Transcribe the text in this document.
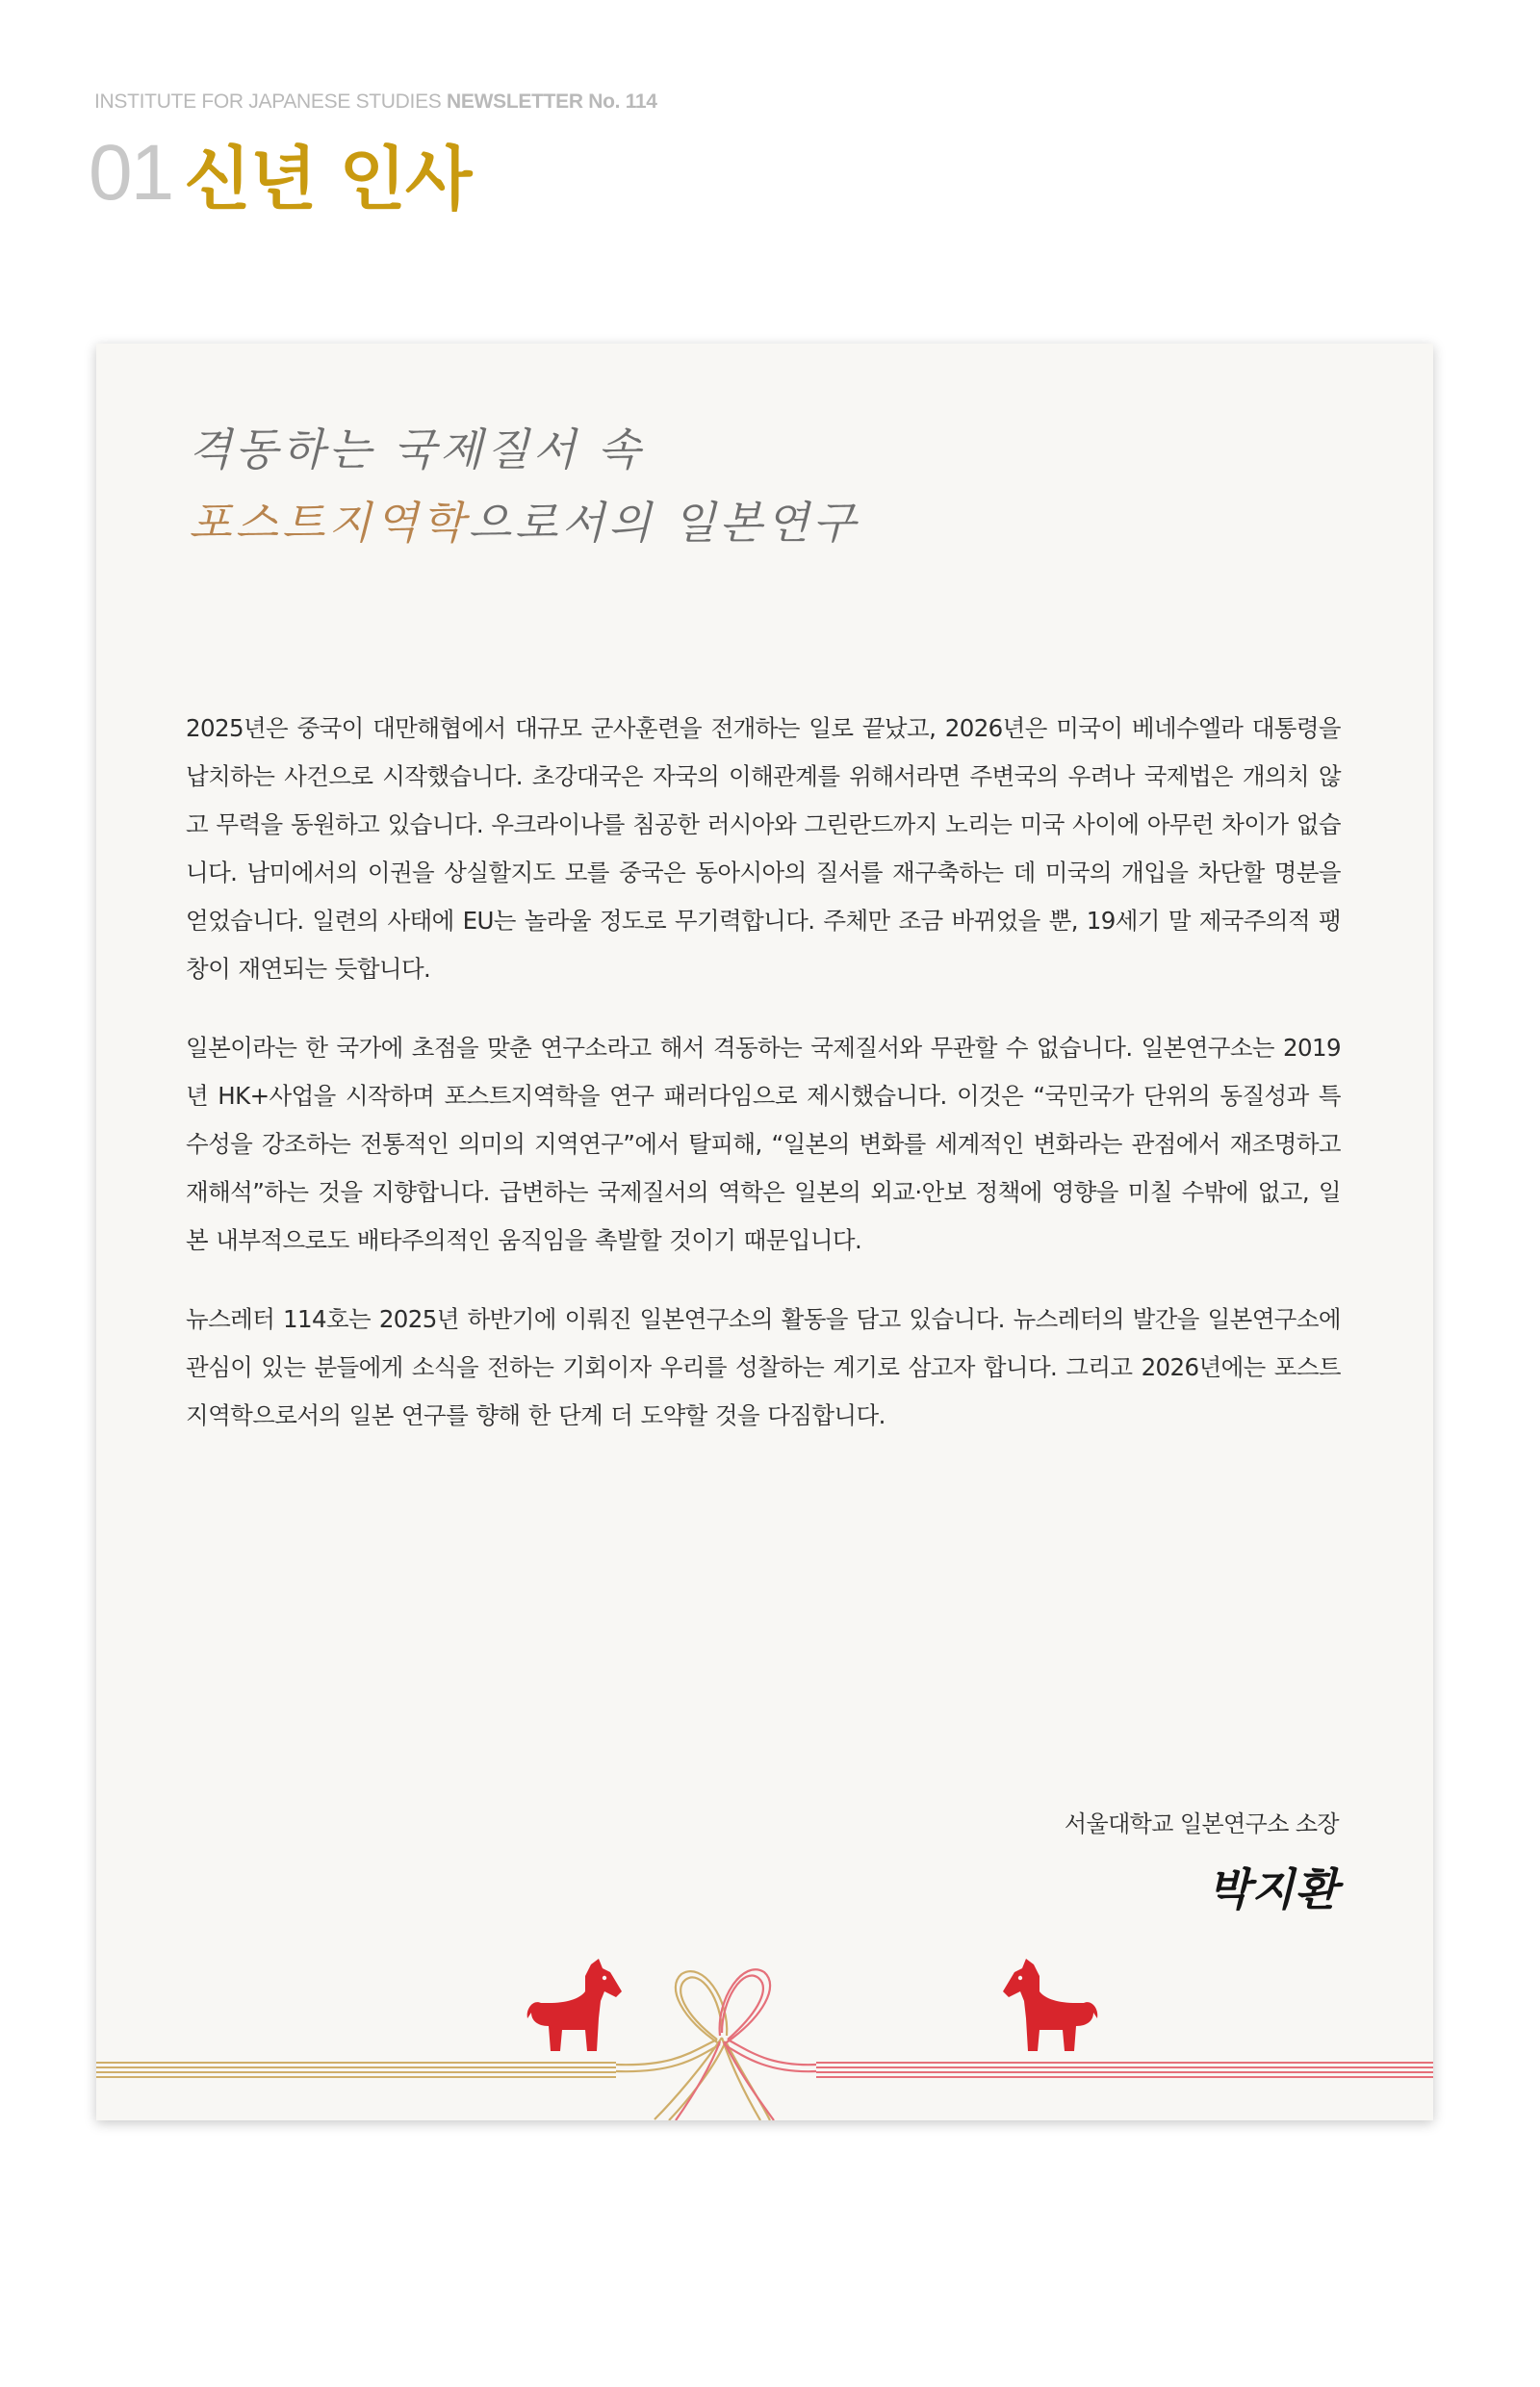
INSTITUTE FOR JAPANESE STUDIES NEWSLETTER No. 114
01 신년 인사
격동하는 국제질서 속
포스트지역학으로서의 일본연구

2025년은 중국이 대만해협에서 대규모 군사훈련을 전개하는 일로 끝났고, 2026년은 미국이 베네수엘라 대통령을 납치하는 사건으로 시작했습니다. 초강대국은 자국의 이해관계를 위해서라면 주변국의 우려나 국제법은 개의치 않고 무력을 동원하고 있습니다. 우크라이나를 침공한 러시아와 그린란드까지 노리는 미국 사이에 아무런 차이가 없습니다. 남미에서의 이권을 상실할지도 모를 중국은 동아시아의 질서를 재구축하는 데 미국의 개입을 차단할 명분을 얻었습니다. 일련의 사태에 EU는 놀라울 정도로 무기력합니다. 주체만 조금 바뀌었을 뿐, 19세기 말 제국주의적 팽창이 재연되는 듯합니다.

일본이라는 한 국가에 초점을 맞춘 연구소라고 해서 격동하는 국제질서와 무관할 수 없습니다. 일본연구소는 2019년 HK+사업을 시작하며 포스트지역학을 연구 패러다임으로 제시했습니다. 이것은 “국민국가 단위의 동질성과 특수성을 강조하는 전통적인 의미의 지역연구”에서 탈피해, “일본의 변화를 세계적인 변화라는 관점에서 재조명하고 재해석”하는 것을 지향합니다. 급변하는 국제질서의 역학은 일본의 외교·안보 정책에 영향을 미칠 수밖에 없고, 일본 내부적으로도 배타주의적인 움직임을 촉발할 것이기 때문입니다.

뉴스레터 114호는 2025년 하반기에 이뤄진 일본연구소의 활동을 담고 있습니다. 뉴스레터의 발간을 일본연구소에 관심이 있는 분들에게 소식을 전하는 기회이자 우리를 성찰하는 계기로 삼고자 합니다. 그리고 2026년에는 포스트지역학으로서의 일본 연구를 향해 한 단계 더 도약할 것을 다짐합니다.

서울대학교 일본연구소 소장
박지환
